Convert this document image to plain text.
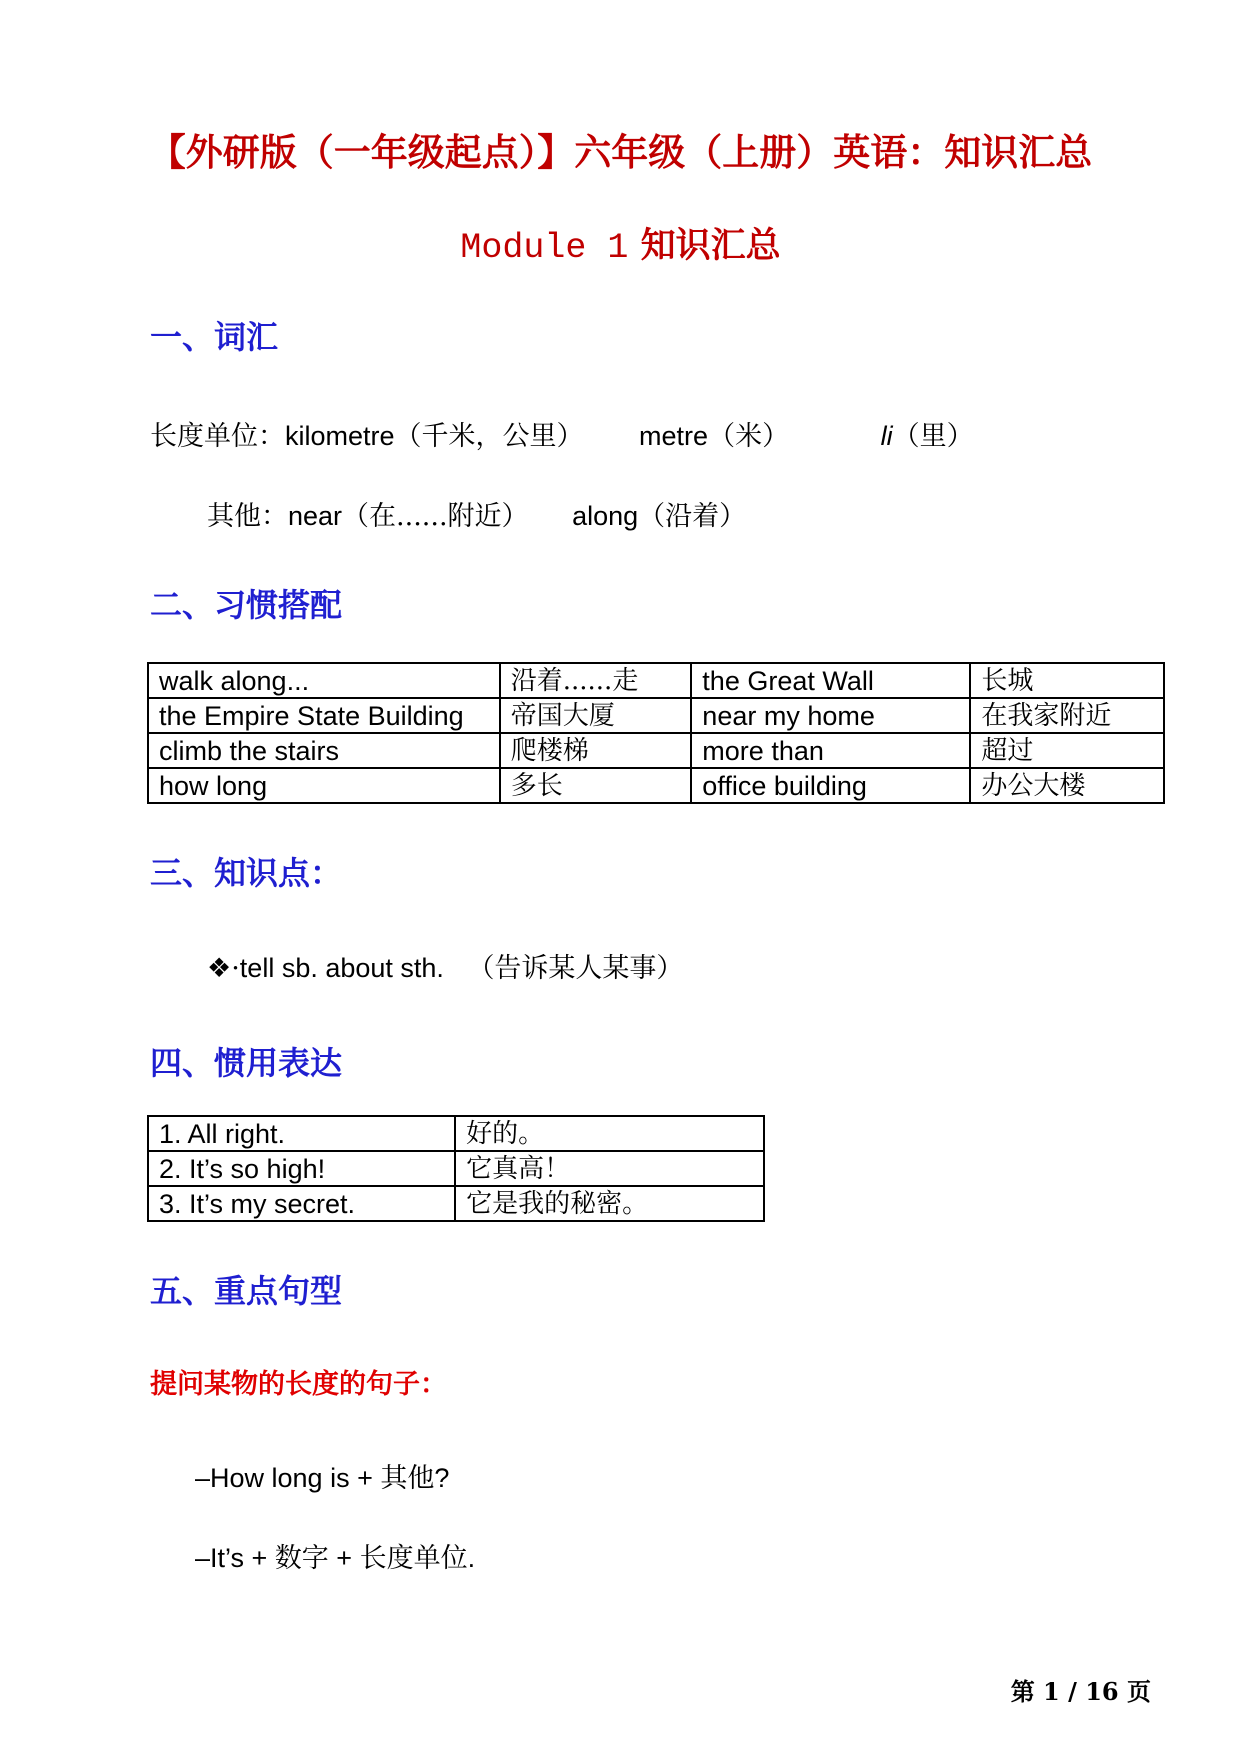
【外研版（一年级起点）】六年级（上册）英语：知识汇总
Module 1 知识汇总
一、词汇
长度单位：kilometre（千米，公里） metre（米）	li（里）
其他：near（在......附近） along（沿着）
二、习惯搭配
walk along...	沿着......走	the Great Wall	长城
the Empire State Building	帝国大厦	near my home	在我家附近
climb the stairs	爬楼梯	more than	超过
how long	多长	office building	办公大楼
三、知识点：
❖·tell sb. about sth. （告诉某人某事）
四、惯用表达
1. All right.	好的。
2. It’s so high!	它真高！
3. It’s my secret.	它是我的秘密。
五、重点句型
提问某物的长度的句子：
–How long is + 其他?
–It’s + 数字 + 长度单位.
第 1 / 16 页
